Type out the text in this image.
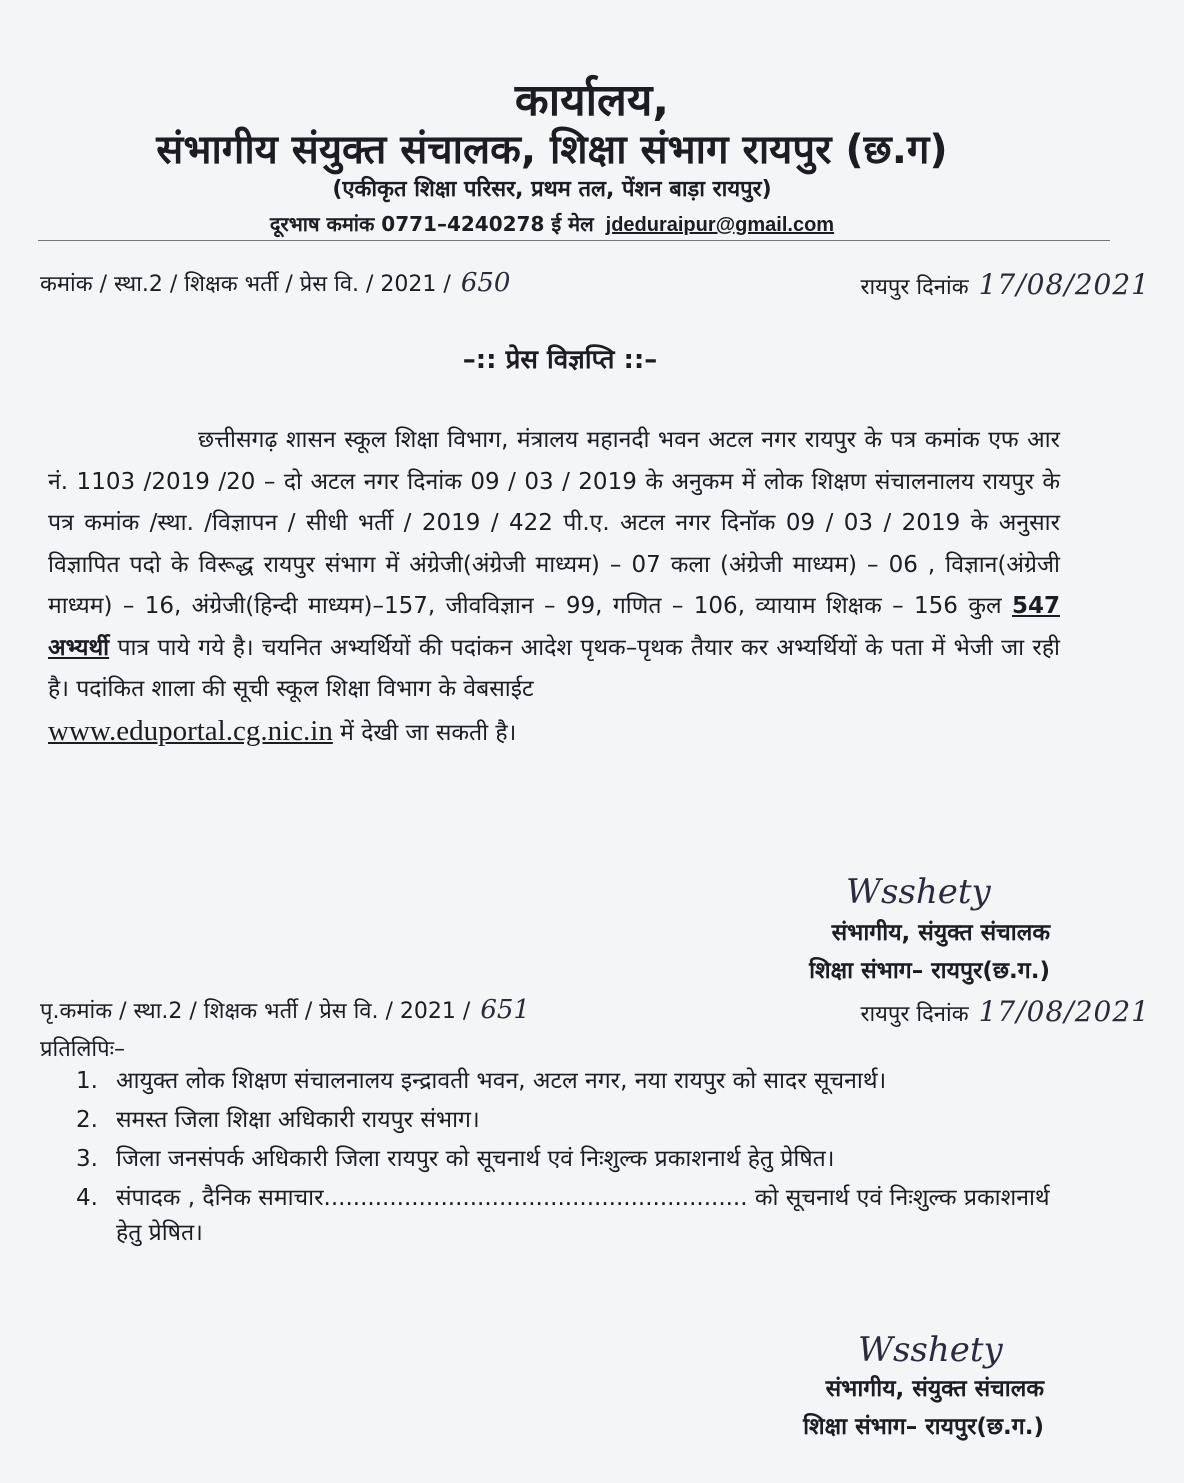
कार्यालय,
संभागीय संयुक्त संचालक, शिक्षा संभाग रायपुर (छ.ग)
(एकीकृत शिक्षा परिसर, प्रथम तल, पेंशन बाड़ा रायपुर)
दूरभाष कमांक 0771–4240278 ई मेल jdeduraipur@gmail.com
कमांक / स्था.2 / शिक्षक भर्ती / प्रेस वि. / 2021 / 650	रायपुर दिनांक 17/08/2021
–:: प्रेस विज्ञप्ति ::–
छत्तीसगढ़ शासन स्कूल शिक्षा विभाग, मंत्रालय महानदी भवन अटल नगर रायपुर के पत्र कमांक एफ आर नं. 1103 /2019 /20 – दो अटल नगर दिनांक 09 / 03 / 2019 के अनुकम में लोक शिक्षण संचालनालय रायपुर के पत्र कमांक /स्था. /विज्ञापन / सीधी भर्ती / 2019 / 422 पी.ए. अटल नगर दिनॉक 09 / 03 / 2019 के अनुसार विज्ञापित पदो के विरूद्ध रायपुर संभाग में अंग्रेजी(अंग्रेजी माध्यम) – 07 कला (अंग्रेजी माध्यम) – 06 , विज्ञान(अंग्रेजी माध्यम) – 16, अंग्रेजी(हिन्दी माध्यम)–157, जीवविज्ञान – 99, गणित – 106, व्यायाम शिक्षक – 156 कुल 547 अभ्यर्थी पात्र पाये गये है। चयनित अभ्यर्थियों की पदांकन आदेश पृथक–पृथक तैयार कर अभ्यर्थियों के पता में भेजी जा रही है। पदांकित शाला की सूची स्कूल शिक्षा विभाग के वेबसाईट
www.eduportal.cg.nic.in में देखी जा सकती है।
Wsshety
संभागीय, संयुक्त संचालक
शिक्षा संभाग– रायपुर(छ.ग.)
पृ.कमांक / स्था.2 / शिक्षक भर्ती / प्रेस वि. / 2021 / 651	रायपुर दिनांक 17/08/2021
प्रतिलिपिः–
1. आयुक्त लोक शिक्षण संचालनालय इन्द्रावती भवन, अटल नगर, नया रायपुर को सादर सूचनार्थ।
2. समस्त जिला शिक्षा अधिकारी रायपुर संभाग।
3. जिला जनसंपर्क अधिकारी जिला रायपुर को सूचनार्थ एवं निःशुल्क प्रकाशनार्थ हेतु प्रेषित।
4. संपादक , दैनिक समाचार.......................................................... को सूचनार्थ एवं निःशुल्क प्रकाशनार्थ हेतु प्रेषित।
Wsshety
संभागीय, संयुक्त संचालक
शिक्षा संभाग– रायपुर(छ.ग.)
